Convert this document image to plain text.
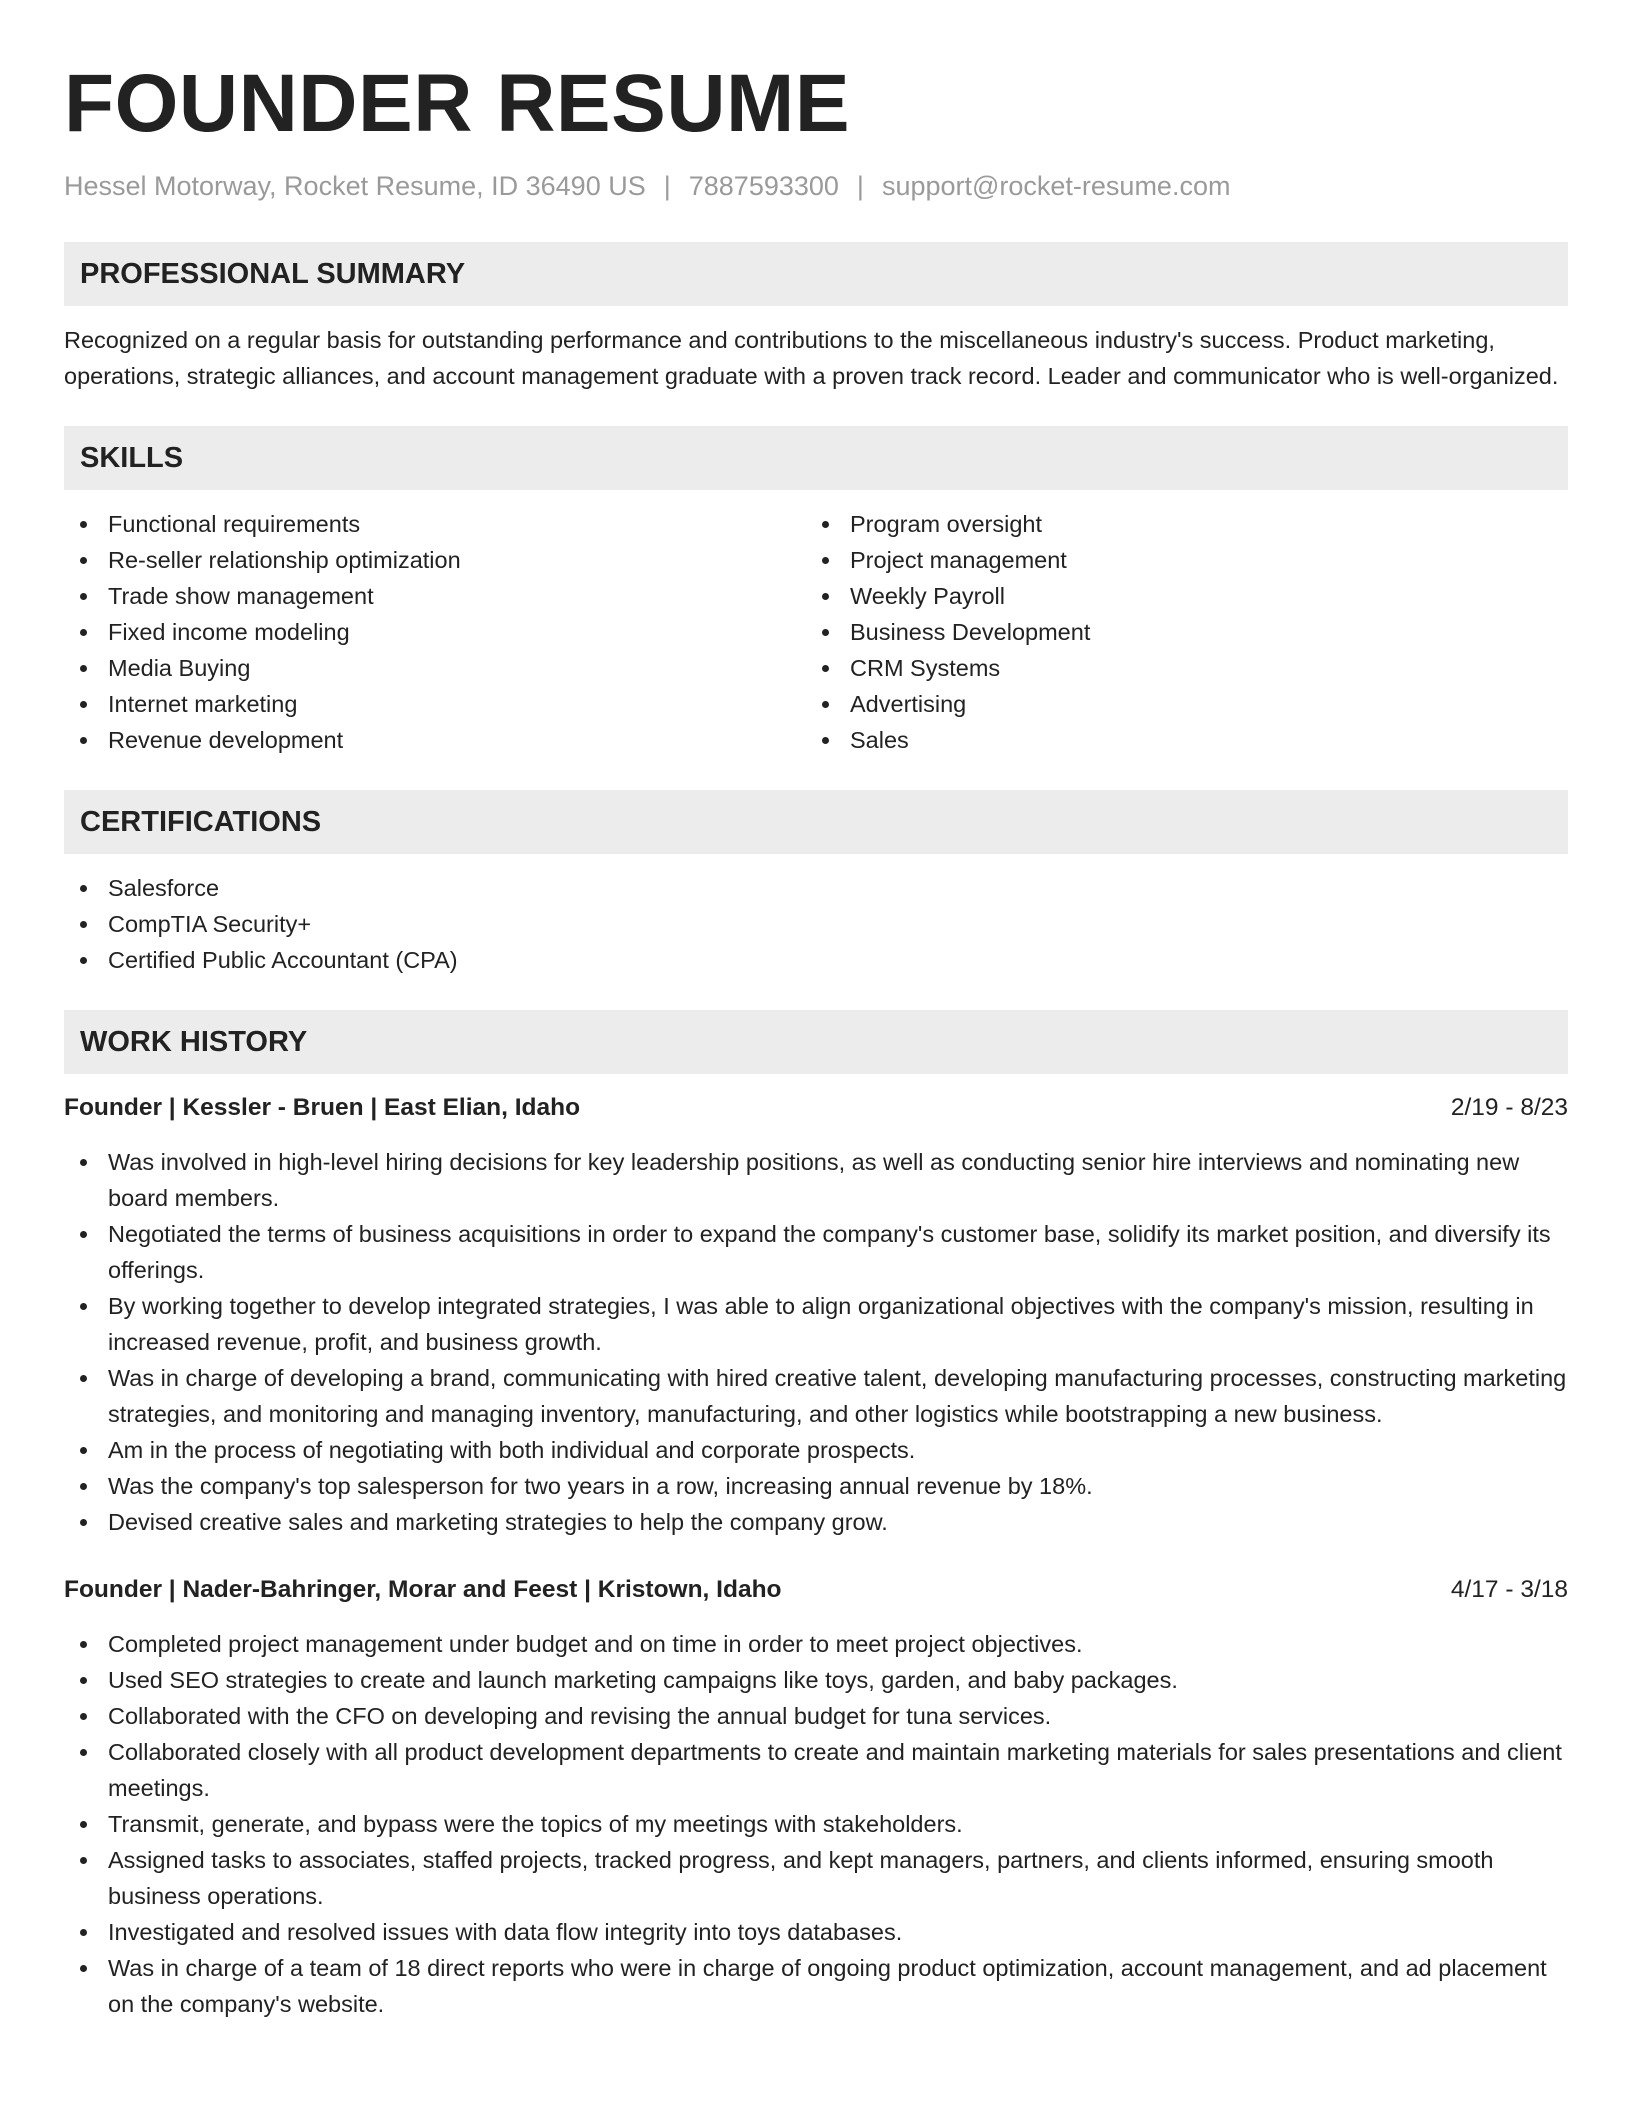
FOUNDER RESUME
Hessel Motorway, Rocket Resume, ID 36490 US | 7887593300 | support@rocket-resume.com
PROFESSIONAL SUMMARY

Recognized on a regular basis for outstanding performance and contributions to the miscellaneous industry's success. Product marketing, operations, strategic alliances, and account management graduate with a proven track record. Leader and communicator who is well-organized.

SKILLS
Functional requirements
Re-seller relationship optimization
Trade show management
Fixed income modeling
Media Buying
Internet marketing
Revenue development
Program oversight
Project management
Weekly Payroll
Business Development
CRM Systems
Advertising
Sales
CERTIFICATIONS
Salesforce
CompTIA Security+
Certified Public Accountant (CPA)
WORK HISTORY
Founder | Kessler - Bruen | East Elian, Idaho	2/19 - 8/23
Was involved in high-level hiring decisions for key leadership positions, as well as conducting senior hire interviews and nominating new board members.
Negotiated the terms of business acquisitions in order to expand the company's customer base, solidify its market position, and diversify its offerings.
By working together to develop integrated strategies, I was able to align organizational objectives with the company's mission, resulting in increased revenue, profit, and business growth.
Was in charge of developing a brand, communicating with hired creative talent, developing manufacturing processes, constructing marketing strategies, and monitoring and managing inventory, manufacturing, and other logistics while bootstrapping a new business.
Am in the process of negotiating with both individual and corporate prospects.
Was the company's top salesperson for two years in a row, increasing annual revenue by 18%.
Devised creative sales and marketing strategies to help the company grow.
Founder | Nader-Bahringer, Morar and Feest | Kristown, Idaho	4/17 - 3/18
Completed project management under budget and on time in order to meet project objectives.
Used SEO strategies to create and launch marketing campaigns like toys, garden, and baby packages.
Collaborated with the CFO on developing and revising the annual budget for tuna services.
Collaborated closely with all product development departments to create and maintain marketing materials for sales presentations and client meetings.
Transmit, generate, and bypass were the topics of my meetings with stakeholders.
Assigned tasks to associates, staffed projects, tracked progress, and kept managers, partners, and clients informed, ensuring smooth business operations.
Investigated and resolved issues with data flow integrity into toys databases.
Was in charge of a team of 18 direct reports who were in charge of ongoing product optimization, account management, and ad placement on the company's website.
